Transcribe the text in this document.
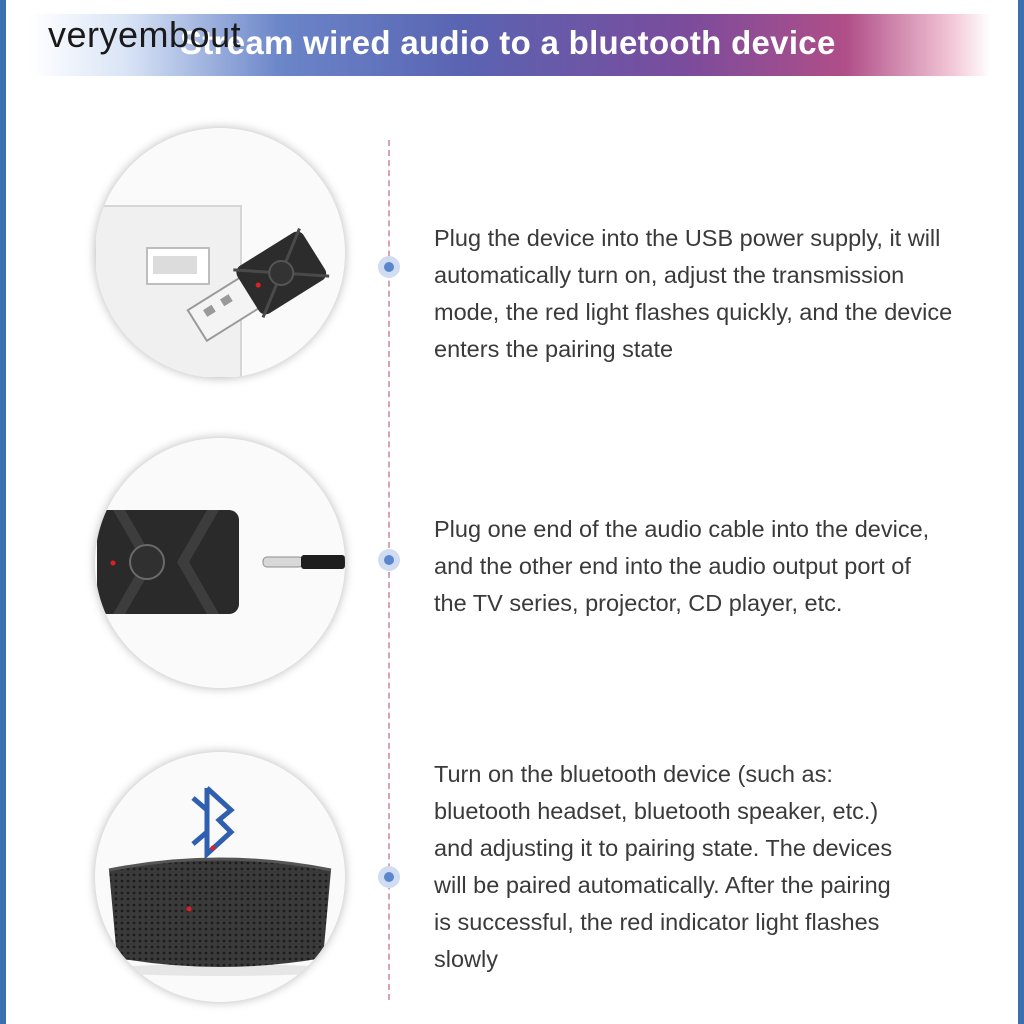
Stream wired audio to a bluetooth device
veryembout
Plug the device into the USB power supply, it will
automatically turn on, adjust the transmission
mode, the red light flashes quickly, and the device
enters the pairing state
Plug one end of the audio cable into the device,
and the other end into the audio output port of
the TV series, projector, CD player, etc.
Turn on the bluetooth device (such as:
bluetooth headset, bluetooth speaker, etc.)
and adjusting it to pairing state. The devices
will be paired automatically. After the pairing
is successful, the red indicator light flashes
slowly
